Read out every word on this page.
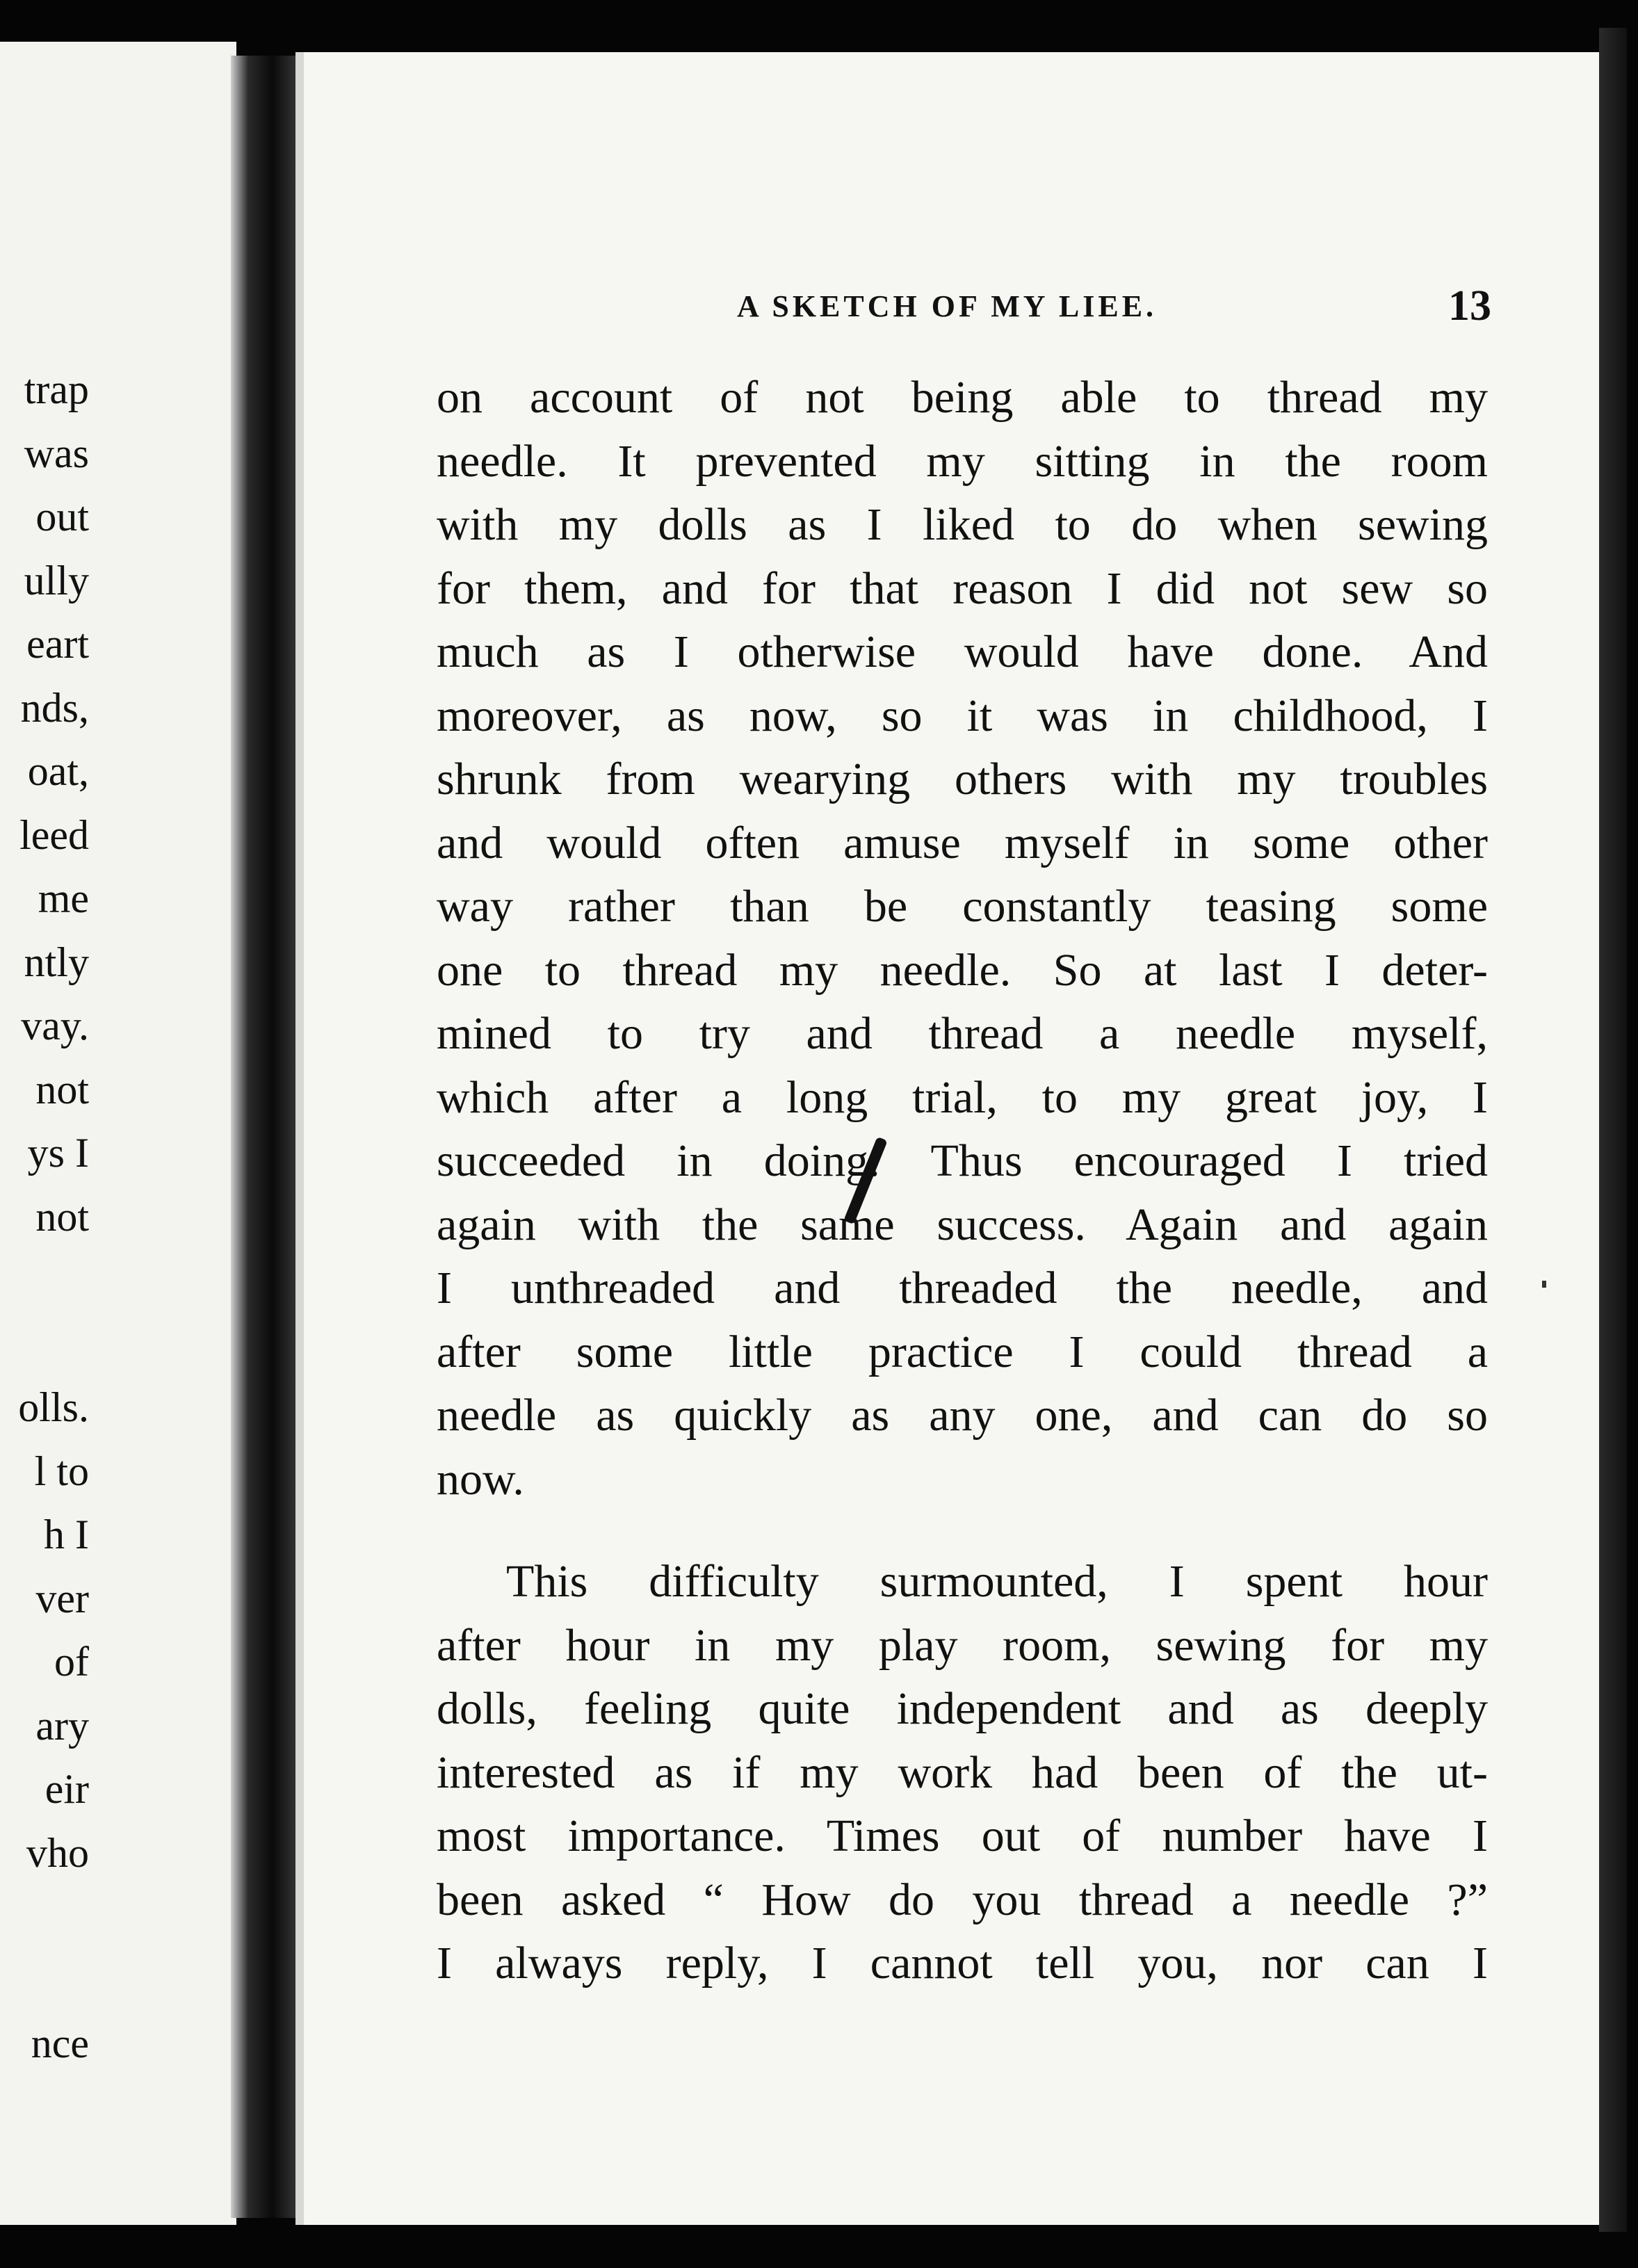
trap
was
out
ully
eart
nds,
oat,
leed
me
ntly
vay.
not
ys I
not
olls.
l to
h I
ver
of
ary
eir
vho
nce
A SKETCH OF MY LIEE.	13
on account of not being able to thread my
needle. It prevented my sitting in the room
with my dolls as I liked to do when sewing
for them, and for that reason I did not sew so
much as I otherwise would have done. And
moreover, as now, so it was in childhood, I
shrunk from wearying others with my troubles
and would often amuse myself in some other
way rather than be constantly teasing some
one to thread my needle. So at last I deter-
mined to try and thread a needle myself,
which after a long trial, to my great joy, I
succeeded in doing. Thus encouraged I tried
again with the same success. Again and again
I unthreaded and threaded the needle, and
after some little practice I could thread a
needle as quickly as any one, and can do so
now.
This difficulty surmounted, I spent hour
after hour in my play room, sewing for my
dolls, feeling quite independent and as deeply
interested as if my work had been of the ut-
most importance. Times out of number have I
been asked “ How do you thread a needle ?”
I always reply, I cannot tell you, nor can I
